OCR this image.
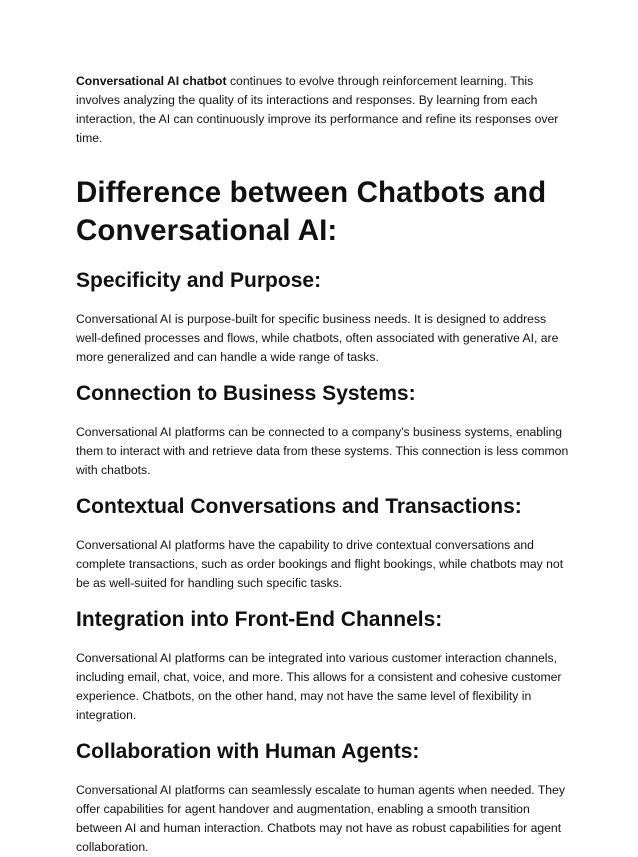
Conversational AI chatbot continues to evolve through reinforcement learning. This involves analyzing the quality of its interactions and responses. By learning from each interaction, the AI can continuously improve its performance and refine its responses over time.

Difference between Chatbots and Conversational AI:
Specificity and Purpose:

Conversational AI is purpose-built for specific business needs. It is designed to address well-defined processes and flows, while chatbots, often associated with generative AI, are more generalized and can handle a wide range of tasks.

Connection to Business Systems:

Conversational AI platforms can be connected to a company's business systems, enabling them to interact with and retrieve data from these systems. This connection is less common with chatbots.

Contextual Conversations and Transactions:

Conversational AI platforms have the capability to drive contextual conversations and complete transactions, such as order bookings and flight bookings, while chatbots may not be as well-suited for handling such specific tasks.

Integration into Front-End Channels:

Conversational AI platforms can be integrated into various customer interaction channels, including email, chat, voice, and more. This allows for a consistent and cohesive customer experience. Chatbots, on the other hand, may not have the same level of flexibility in integration.

Collaboration with Human Agents:

Conversational AI platforms can seamlessly escalate to human agents when needed. They offer capabilities for agent handover and augmentation, enabling a smooth transition between AI and human interaction. Chatbots may not have as robust capabilities for agent collaboration.
